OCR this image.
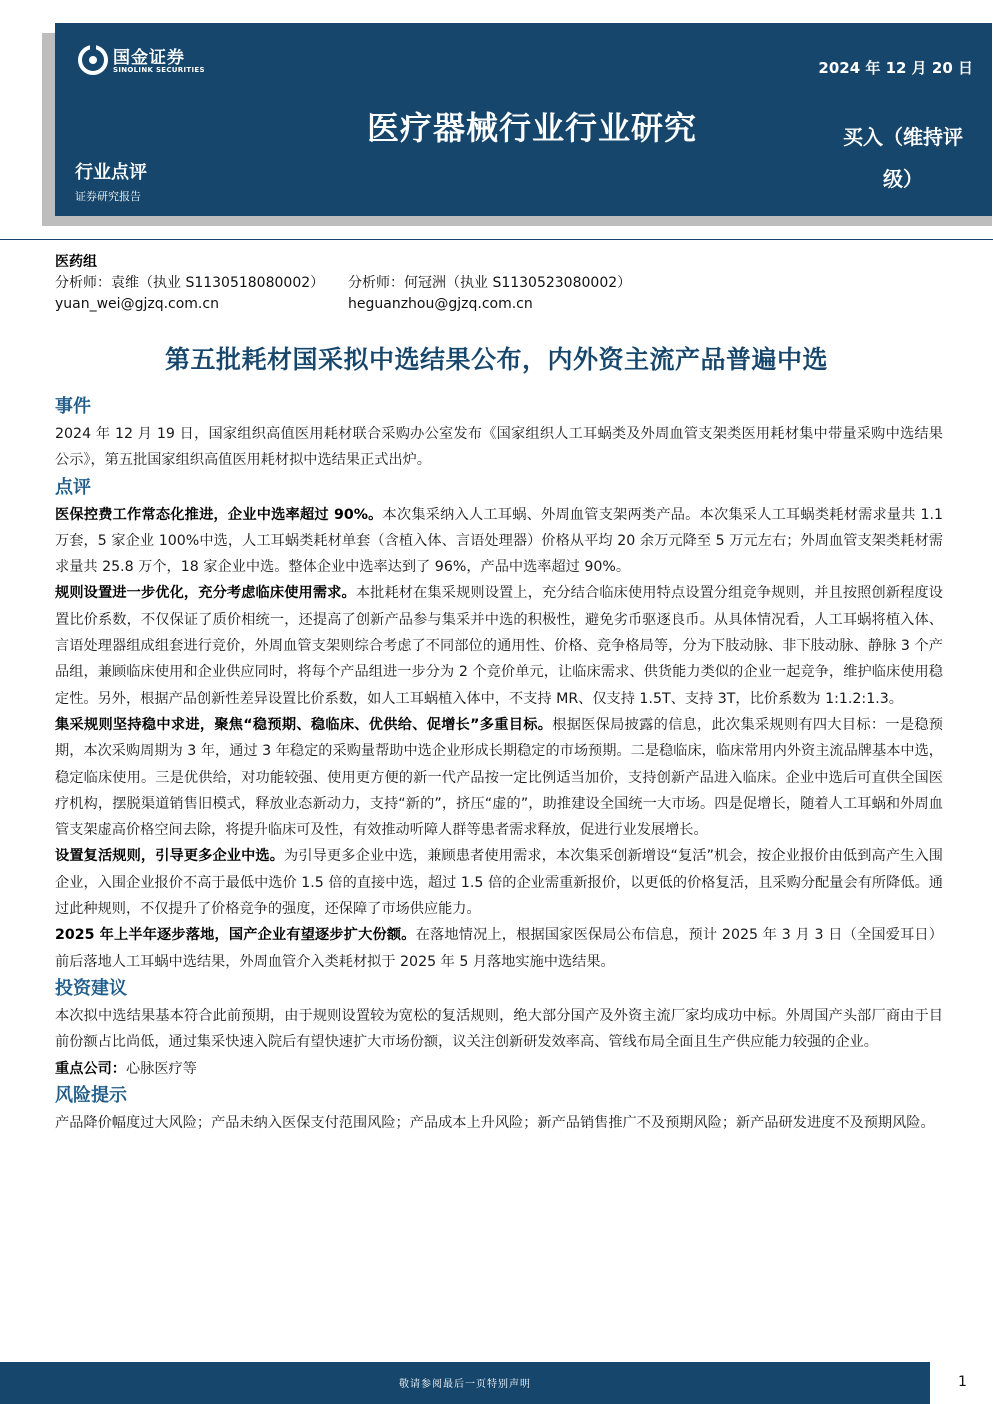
国金证券
SINOLINK SECURITIES	2024 年 12 月 20 日
医疗器械行业行业研究	买入（维持评
级）
行业点评
证券研究报告
医药组
分析师：袁维（执业 S1130518080002）
yuan_wei@gjzq.com.cn
分析师：何冠洲（执业 S1130523080002）
heguanzhou@gjzq.com.cn
第五批耗材国采拟中选结果公布，内外资主流产品普遍中选
事件

2024 年 12 月 19 日，国家组织高值医用耗材联合采购办公室发布《国家组织人工耳蜗类及外周血管支架类医用耗材集中带量采购中选结果公示》，第五批国家组织高值医用耗材拟中选结果正式出炉。

点评

医保控费工作常态化推进，企业中选率超过 90%。本次集采纳入人工耳蜗、外周血管支架两类产品。本次集采人工耳蜗类耗材需求量共 1.1 万套，5 家企业 100%中选，人工耳蜗类耗材单套（含植入体、言语处理器）价格从平均 20 余万元降至 5 万元左右；外周血管支架类耗材需求量共 25.8 万个，18 家企业中选。整体企业中选率达到了 96%，产品中选率超过 90%。

规则设置进一步优化，充分考虑临床使用需求。本批耗材在集采规则设置上，充分结合临床使用特点设置分组竞争规则，并且按照创新程度设置比价系数，不仅保证了质价相统一，还提高了创新产品参与集采并中选的积极性，避免劣币驱逐良币。从具体情况看，人工耳蜗将植入体、言语处理器组成组套进行竞价，外周血管支架则综合考虑了不同部位的通用性、价格、竞争格局等，分为下肢动脉、非下肢动脉、静脉 3 个产品组，兼顾临床使用和企业供应同时，将每个产品组进一步分为 2 个竞价单元，让临床需求、供货能力类似的企业一起竞争，维护临床使用稳定性。另外，根据产品创新性差异设置比价系数，如人工耳蜗植入体中，不支持 MR、仅支持 1.5T、支持 3T，比价系数为 1:1.2:1.3。

集采规则坚持稳中求进，聚焦“稳预期、稳临床、优供给、促增长”多重目标。根据医保局披露的信息，此次集采规则有四大目标：一是稳预期，本次采购周期为 3 年，通过 3 年稳定的采购量帮助中选企业形成长期稳定的市场预期。二是稳临床，临床常用内外资主流品牌基本中选，稳定临床使用。三是优供给，对功能较强、使用更方便的新一代产品按一定比例适当加价，支持创新产品进入临床。企业中选后可直供全国医疗机构，摆脱渠道销售旧模式，释放业态新动力，支持“新的”，挤压“虚的”，助推建设全国统一大市场。四是促增长，随着人工耳蜗和外周血管支架虚高价格空间去除，将提升临床可及性，有效推动听障人群等患者需求释放，促进行业发展增长。

设置复活规则，引导更多企业中选。为引导更多企业中选，兼顾患者使用需求，本次集采创新增设“复活”机会，按企业报价由低到高产生入围企业，入围企业报价不高于最低中选价 1.5 倍的直接中选，超过 1.5 倍的企业需重新报价，以更低的价格复活，且采购分配量会有所降低。通过此种规则，不仅提升了价格竞争的强度，还保障了市场供应能力。

2025 年上半年逐步落地，国产企业有望逐步扩大份额。在落地情况上，根据国家医保局公布信息，预计 2025 年 3 月 3 日（全国爱耳日）前后落地人工耳蜗中选结果，外周血管介入类耗材拟于 2025 年 5 月落地实施中选结果。

投资建议

本次拟中选结果基本符合此前预期，由于规则设置较为宽松的复活规则，绝大部分国产及外资主流厂家均成功中标。外周国产头部厂商由于目前份额占比尚低，通过集采快速入院后有望快速扩大市场份额，议关注创新研发效率高、管线布局全面且生产供应能力较强的企业。

重点公司：心脉医疗等

风险提示

产品降价幅度过大风险；产品未纳入医保支付范围风险；产品成本上升风险；新产品销售推广不及预期风险；新产品研发进度不及预期风险。

敬请参阅最后一页特别声明	1
